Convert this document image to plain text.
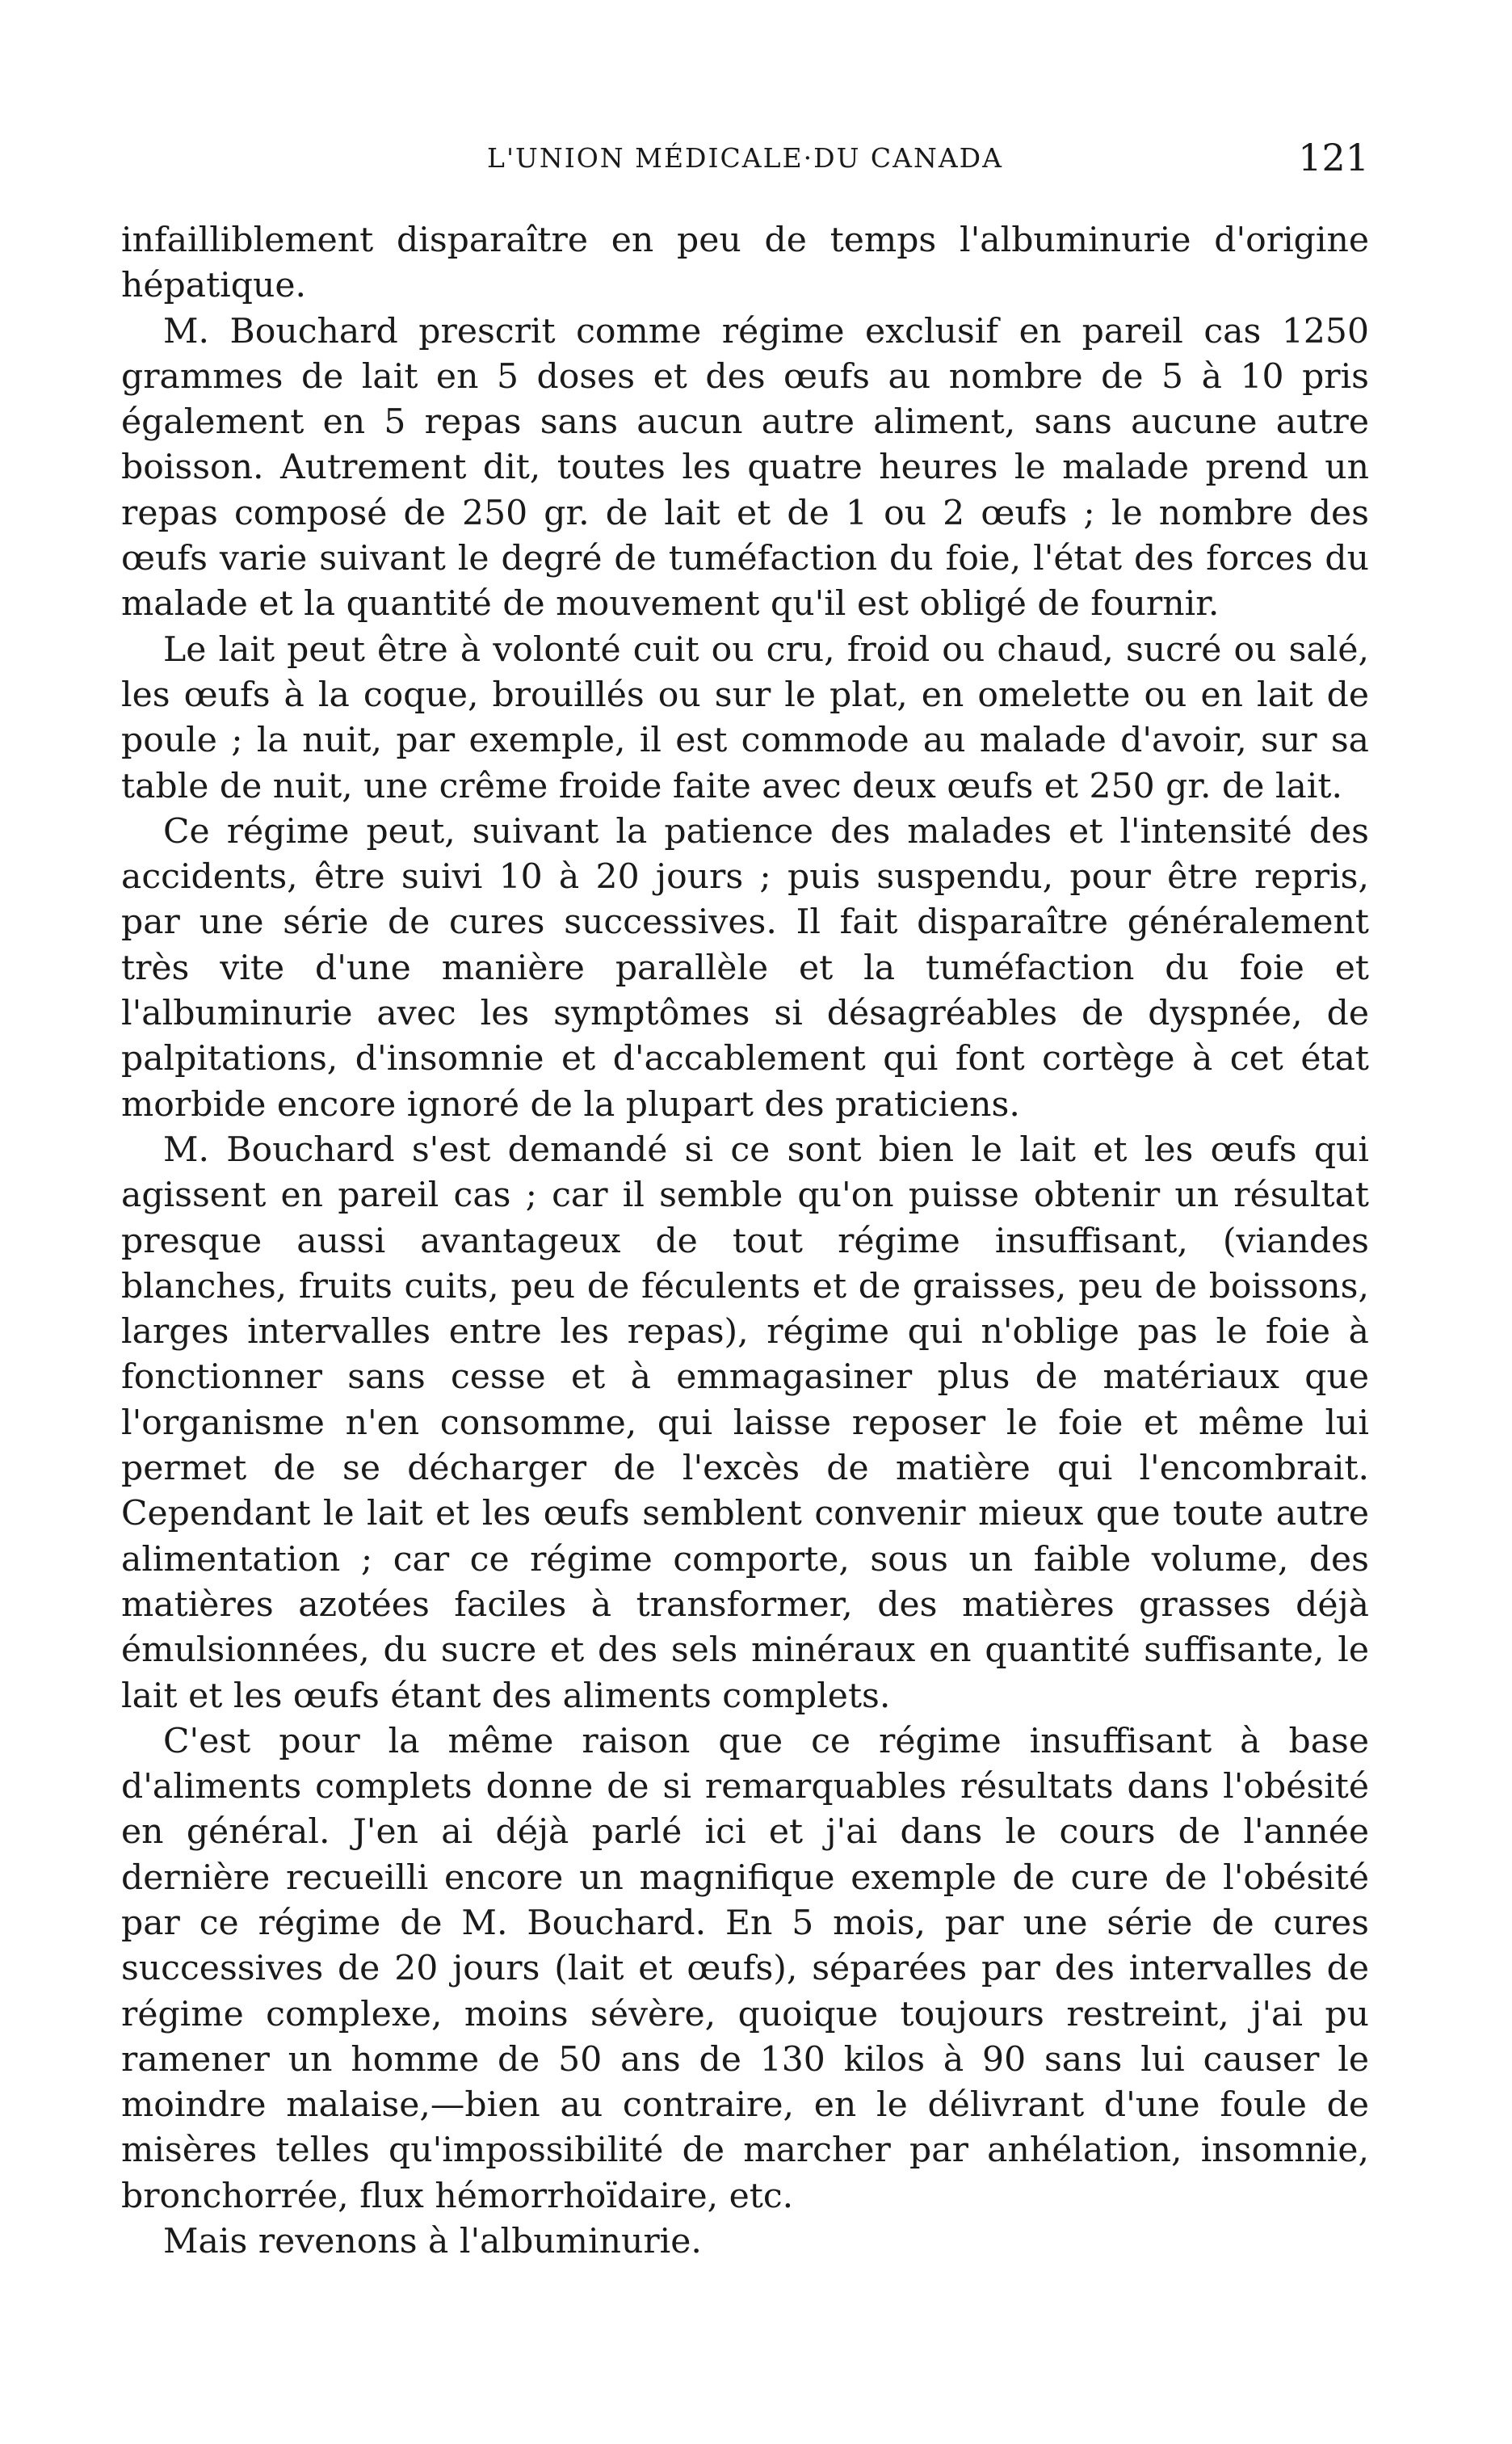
L'UNION MÉDICALE·DU CANADA	121

infailliblement disparaître en peu de temps l'albuminurie d'origine hépatique.

M. Bouchard prescrit comme régime exclusif en pareil cas 1250 grammes de lait en 5 doses et des œufs au nombre de 5 à 10 pris également en 5 repas sans aucun autre aliment, sans aucune autre boisson. Autrement dit, toutes les quatre heures le malade prend un repas composé de 250 gr. de lait et de 1 ou 2 œufs ; le nombre des œufs varie suivant le degré de tuméfaction du foie, l'état des forces du malade et la quantité de mouvement qu'il est obligé de fournir.

Le lait peut être à volonté cuit ou cru, froid ou chaud, sucré ou salé, les œufs à la coque, brouillés ou sur le plat, en omelette ou en lait de poule ; la nuit, par exemple, il est commode au malade d'avoir, sur sa table de nuit, une crême froide faite avec deux œufs et 250 gr. de lait.

Ce régime peut, suivant la patience des malades et l'intensité des accidents, être suivi 10 à 20 jours ; puis suspendu, pour être repris, par une série de cures successives. Il fait disparaître généralement très vite d'une manière parallèle et la tuméfaction du foie et l'albuminurie avec les symptômes si désagréables de dyspnée, de palpitations, d'insomnie et d'accablement qui font cortège à cet état morbide encore ignoré de la plupart des praticiens.

M. Bouchard s'est demandé si ce sont bien le lait et les œufs qui agissent en pareil cas ; car il semble qu'on puisse obtenir un résultat presque aussi avantageux de tout régime insuffisant, (viandes blanches, fruits cuits, peu de féculents et de graisses, peu de boissons, larges intervalles entre les repas), régime qui n'oblige pas le foie à fonctionner sans cesse et à emmagasiner plus de matériaux que l'organisme n'en consomme, qui laisse reposer le foie et même lui permet de se décharger de l'excès de matière qui l'encombrait. Cependant le lait et les œufs semblent convenir mieux que toute autre alimentation ; car ce régime comporte, sous un faible volume, des matières azotées faciles à transformer, des matières grasses déjà émulsionnées, du sucre et des sels minéraux en quantité suffisante, le lait et les œufs étant des aliments complets.

C'est pour la même raison que ce régime insuffisant à base d'aliments complets donne de si remarquables résultats dans l'obésité en général. J'en ai déjà parlé ici et j'ai dans le cours de l'année dernière recueilli encore un magnifique exemple de cure de l'obésité par ce régime de M. Bouchard. En 5 mois, par une série de cures successives de 20 jours (lait et œufs), séparées par des intervalles de régime complexe, moins sévère, quoique toujours restreint, j'ai pu ramener un homme de 50 ans de 130 kilos à 90 sans lui causer le moindre malaise,—bien au contraire, en le délivrant d'une foule de misères telles qu'impossibilité de marcher par anhélation, insomnie, bronchorrée, flux hémorrhoïdaire, etc.

Mais revenons à l'albuminurie.
